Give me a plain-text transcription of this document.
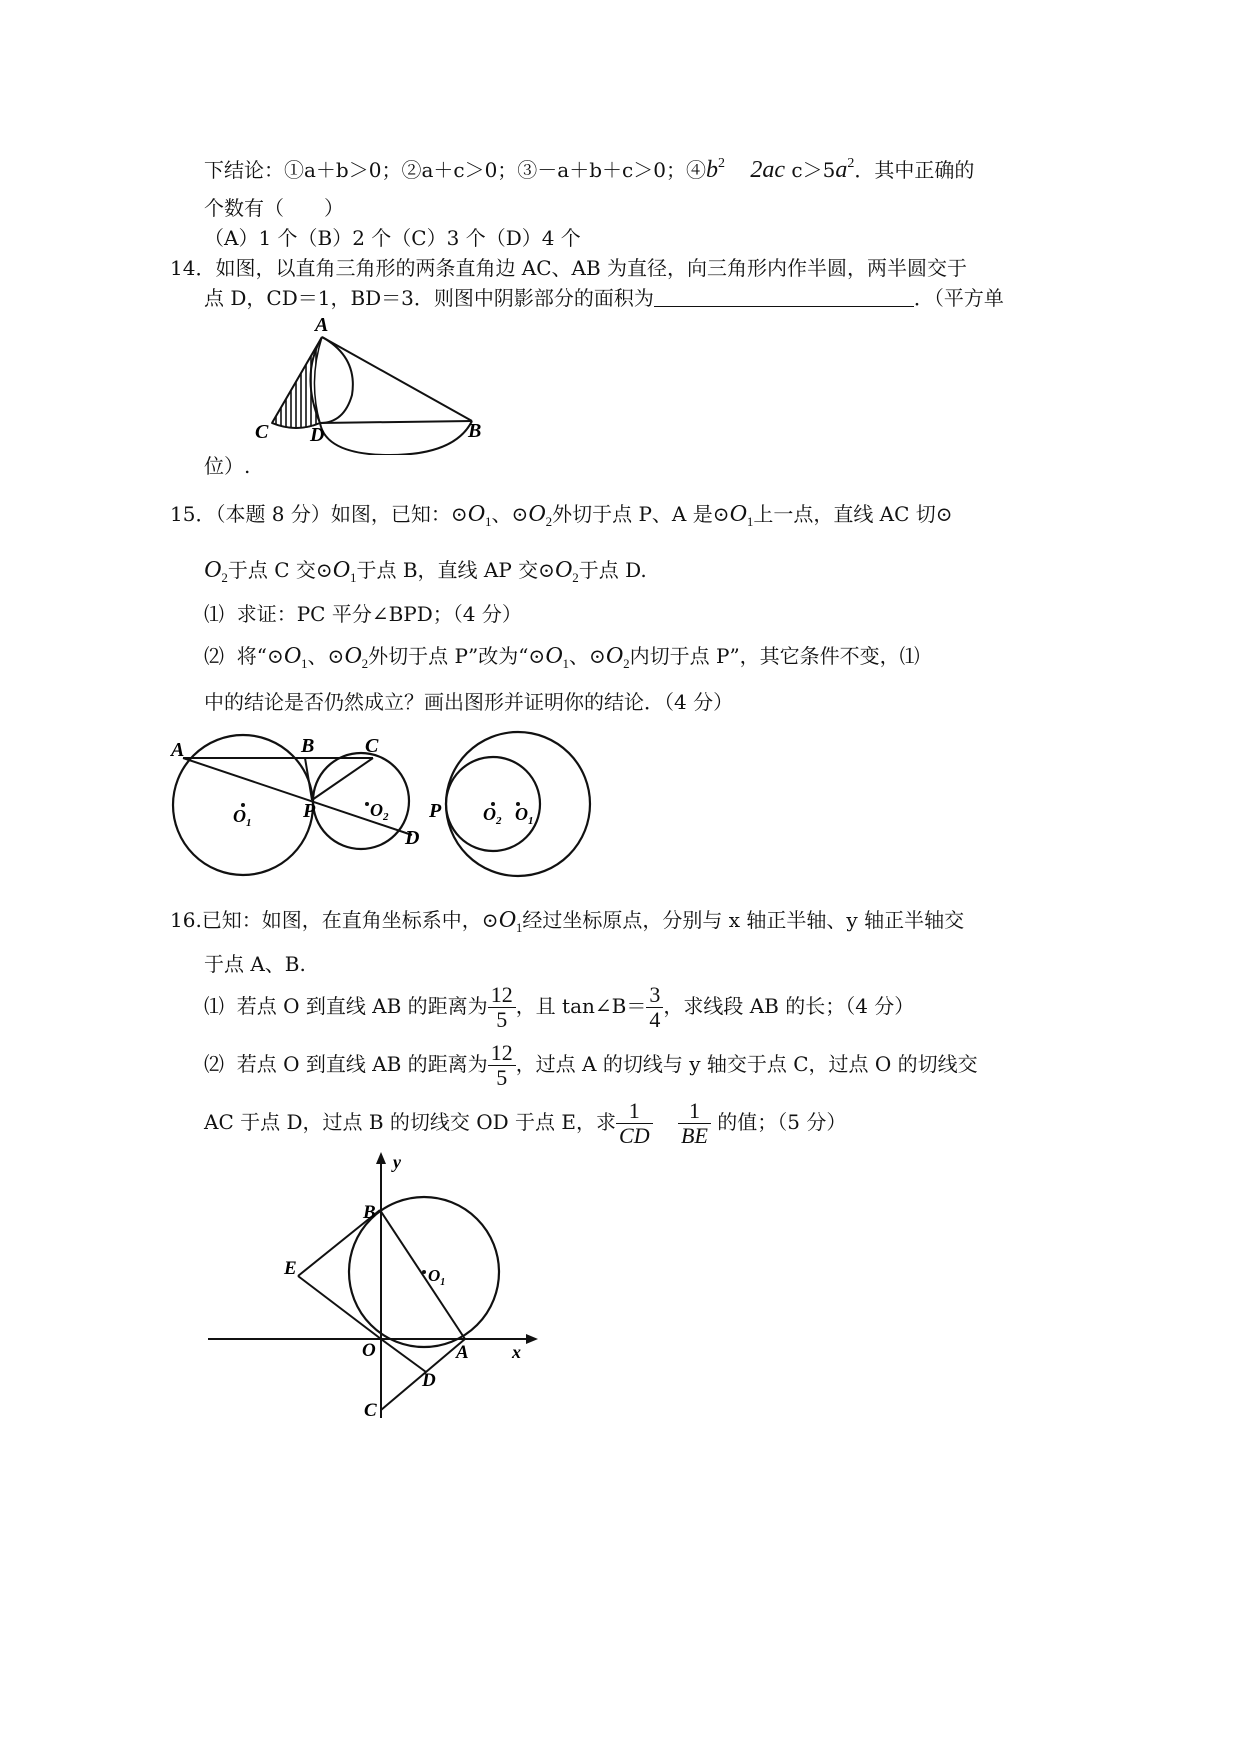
下结论：①a＋b＞0；②a＋c＞0；③－a＋b＋c＞0；$④b^2$ 2ac $c>5a^2$．其中正确的
个数有（　　）
（A）1 个（B）2 个（C）3 个（D）4 个
14．如图，以直角三角形的两条直角边 AC、AB 为直径，向三角形内作半圆，两半圆交于
点 D，CD＝1，BD＝3．则图中阴影部分的面积为	．（平方单
A
C D	B
位）.
15．（本题 8 分）如图，已知：$⊙O_1$、$⊙O_2$外切于点 P、A 是$⊙O_1$上一点，直线 AC 切⊙
$O_2$于点 C 交$⊙O_1$于点 B，直线 AP 交$⊙O_2$于点 D.
⑴  求证：PC 平分∠BPD；（4 分）
⑵  将“$⊙O_1$、$⊙O_2$外切于点 P”改为“$⊙O_1$、$⊙O_2$内切于点 P”，其它条件不变，⑴
中的结论是否仍然成立？画出图形并证明你的结论．（4 分）
A	B	C
P
$O_1$
$O_2$
D
P $O_2$ $O_1$
16.已知：如图，在直角坐标系中，$⊙O_1$经过坐标原点，分别与 x 轴正半轴、y 轴正半轴交
于点 A、B.
⑴  若点 O 到直线 AB 的距离为 $\frac{12}{5}$ ，且 tan∠B＝ $\frac{3}{4}$ ，求线段 AB 的长；（4 分）
⑵  若点 O 到直线 AB 的距离为 $\frac{12}{5}$ ，过点 A 的切线与 y 轴交于点 C，过点 O 的切线交
AC 于点 D，过点 B 的切线交 OD 于点 E，求 $\frac{1}{CD}$
$\frac{1}{BE}$ 的值；（5 分）
y
x
B
E	$O_1$
O	A
D
C
